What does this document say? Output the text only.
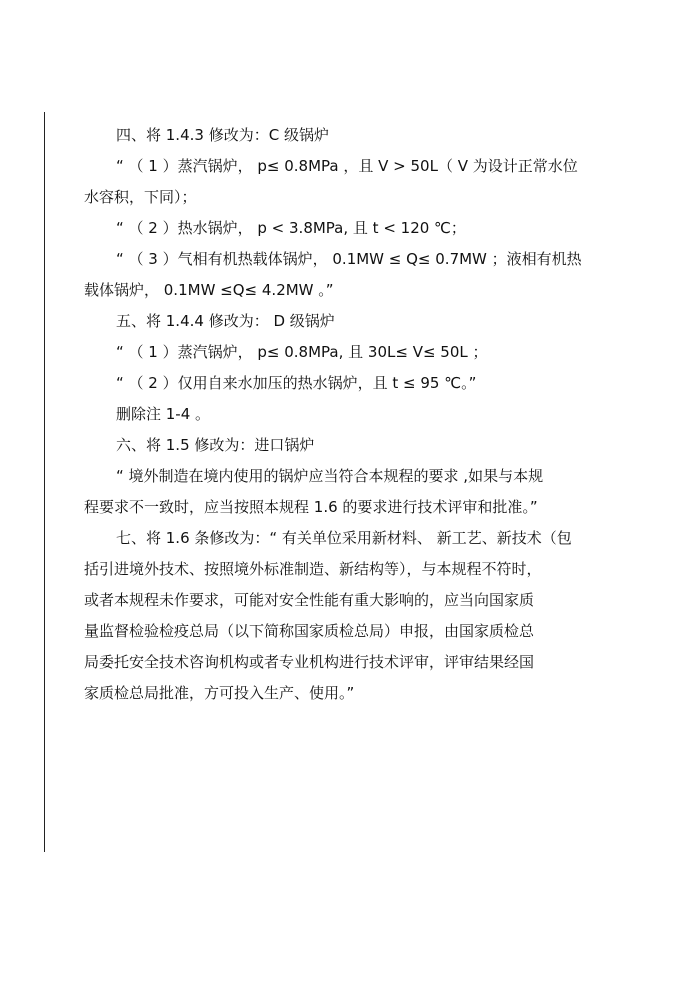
四、将 1.4.3 修改为：C 级锅炉
“ （ 1 ）蒸汽锅炉， p≤ 0.8MPa ，且 V > 50L（ V 为设计正常水位
水容积，下同）；
“ （ 2 ）热水锅炉， p < 3.8MPa, 且 t < 120 ℃；
“ （ 3 ）气相有机热载体锅炉， 0.1MW ≤ Q≤ 0.7MW ；液相有机热
载体锅炉， 0.1MW ≤Q≤ 4.2MW 。”
五、将 1.4.4 修改为： D 级锅炉
“ （ 1 ）蒸汽锅炉， p≤ 0.8MPa, 且 30L≤ V≤ 50L ；
“ （ 2 ）仅用自来水加压的热水锅炉，且 t ≤ 95 ℃。”
删除注 1-4 。
六、将 1.5 修改为：进口锅炉
“ 境外制造在境内使用的锅炉应当符合本规程的要求 ,如果与本规
程要求不一致时，应当按照本规程 1.6 的要求进行技术评审和批准。”
七、将 1.6 条修改为：“ 有关单位采用新材料、 新工艺、新技术（包
括引进境外技术、按照境外标准制造、新结构等），与本规程不符时，
或者本规程未作要求，可能对安全性能有重大影响的，应当向国家质
量监督检验检疫总局（以下简称国家质检总局）申报，由国家质检总
局委托安全技术咨询机构或者专业机构进行技术评审，评审结果经国
家质检总局批准，方可投入生产、使用。”
